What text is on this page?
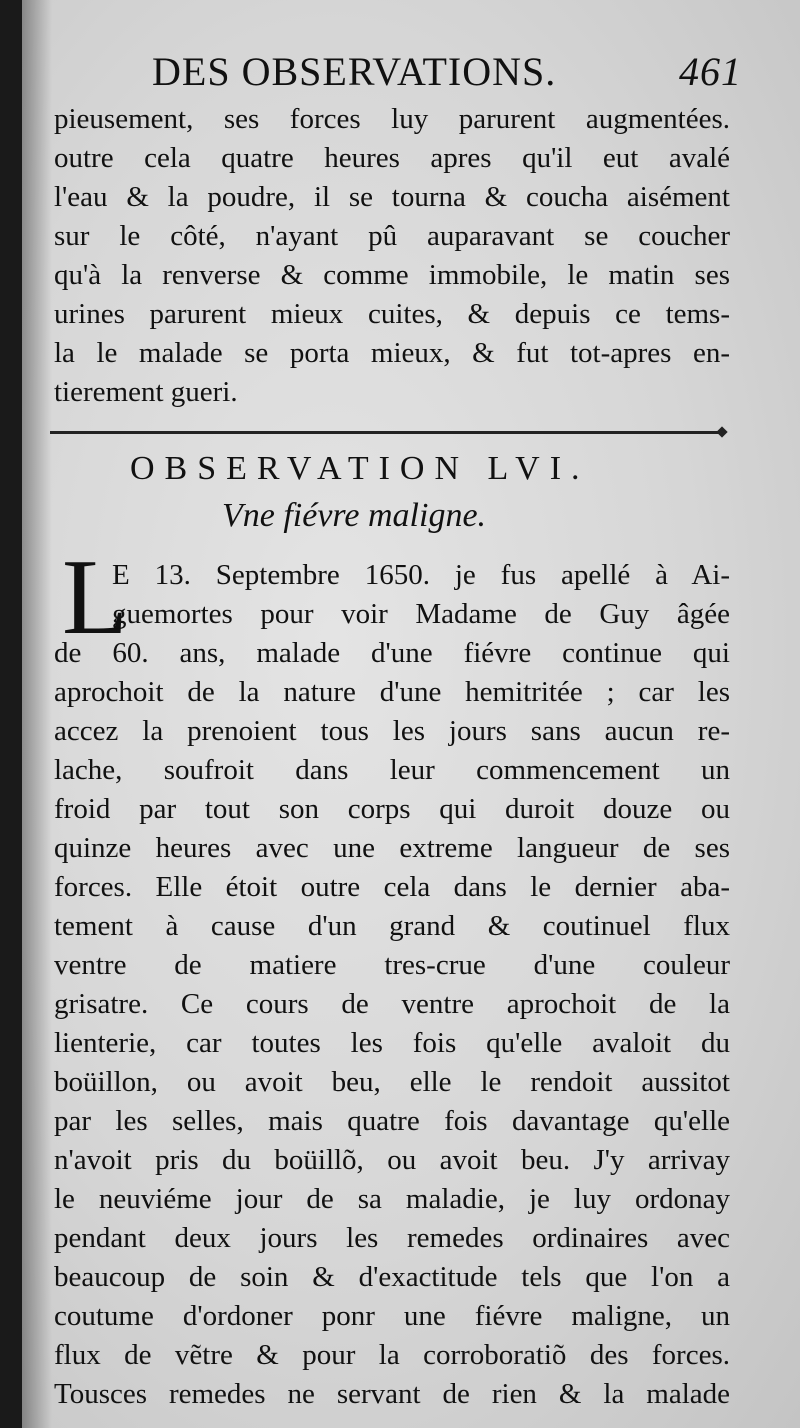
DES OBSERVATIONS.	461
pieusement, ses forces luy parurent augmentées.
outre cela quatre heures apres qu'il eut avalé
l'eau & la poudre, il se tourna & coucha aisément
sur le côté, n'ayant pû auparavant se coucher
qu'à la renverse & comme immobile, le matin ses
urines parurent mieux cuites, & depuis ce tems-
la le malade se porta mieux, & fut tot-apres en-
tierement gueri.
OBSERVATION LVI.
Vne fiévre maligne.
L
E 13. Septembre 1650. je fus apellé à Ai-
guemortes pour voir Madame de Guy âgée
de 60. ans, malade d'une fiévre continue qui
aprochoit de la nature d'une hemitritée ; car les
accez la prenoient tous les jours sans aucun re-
lache, soufroit dans leur commencement un
froid par tout son corps qui duroit douze ou
quinze heures avec une extreme langueur de ses
forces. Elle étoit outre cela dans le dernier aba-
tement à cause d'un grand & coutinuel flux
ventre de matiere tres-crue d'une couleur
grisatre. Ce cours de ventre aprochoit de la
lienterie, car toutes les fois qu'elle avaloit du
boüillon, ou avoit beu, elle le rendoit aussitot
par les selles, mais quatre fois davantage qu'elle
n'avoit pris du boüillõ, ou avoit beu. J'y arrivay
le neuviéme jour de sa maladie, je luy ordonay
pendant deux jours les remedes ordinaires avec
beaucoup de soin & d'exactitude tels que l'on a
coutume d'ordoner ponr une fiévre maligne, un
flux de vẽtre & pour la corroboratiõ des forces.
Tousces remedes ne servant de rien & la malade
